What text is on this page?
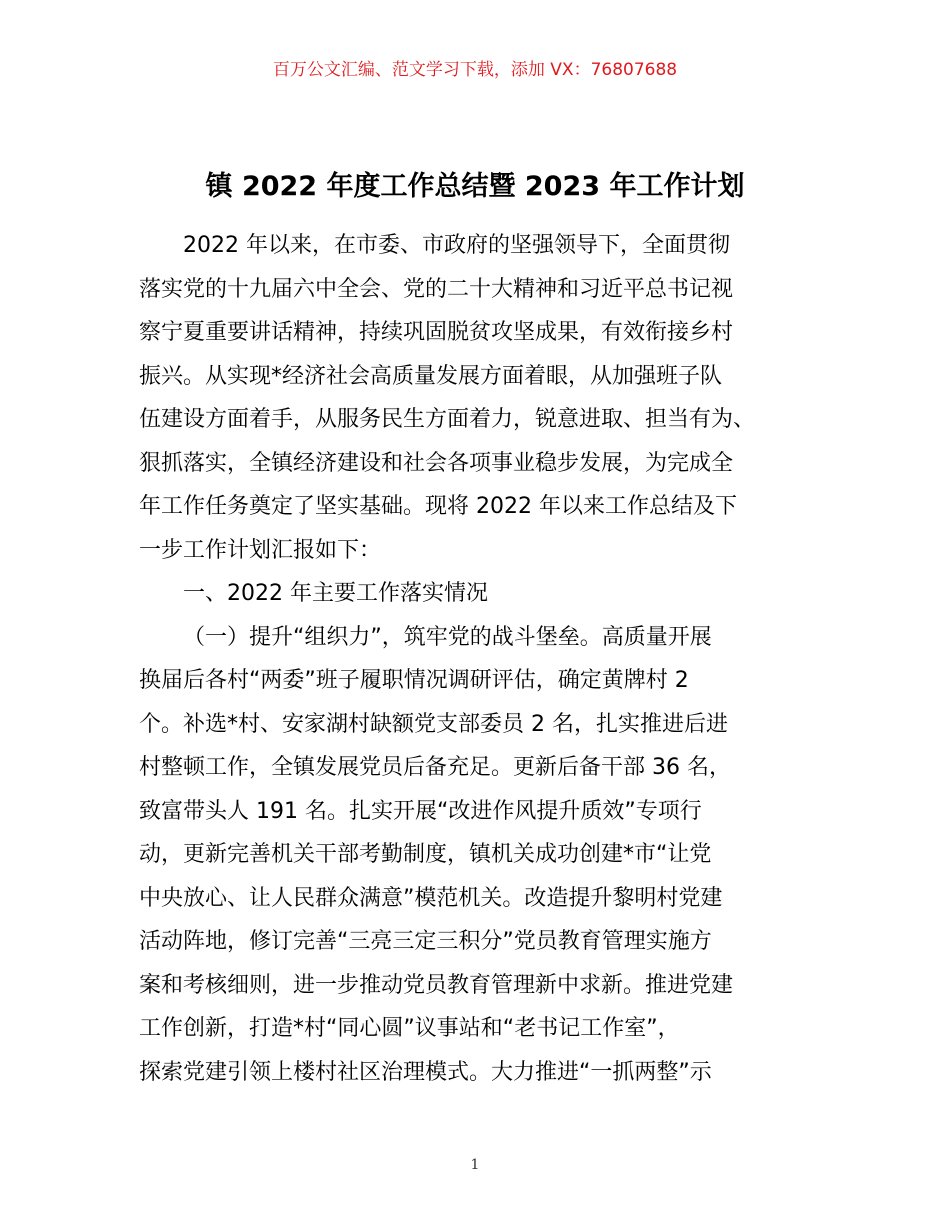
百万公文汇编、范文学习下载，添加 VX：76807688
镇 2022 年度工作总结暨 2023 年工作计划

2022 年以来，在市委、市政府的坚强领导下，全面贯彻

落实党的十九届六中全会、党的二十大精神和习近平总书记视
察宁夏重要讲话精神，持续巩固脱贫攻坚成果，有效衔接乡村
振兴。从实现*经济社会高质量发展方面着眼，从加强班子队
伍建设方面着手，从服务民生方面着力，锐意进取、担当有为、
狠抓落实，全镇经济建设和社会各项事业稳步发展，为完成全
年工作任务奠定了坚实基础。现将 2022 年以来工作总结及下
一步工作计划汇报如下：

一、2022 年主要工作落实情况

（一）提升“组织力”，筑牢党的战斗堡垒。高质量开展

换届后各村“两委”班子履职情况调研评估，确定黄牌村 2
个。补选*村、安家湖村缺额党支部委员 2 名，扎实推进后进
村整顿工作，全镇发展党员后备充足。更新后备干部 36 名，
致富带头人 191 名。扎实开展“改进作风提升质效”专项行
动，更新完善机关干部考勤制度，镇机关成功创建*市“让党
中央放心、让人民群众满意”模范机关。改造提升黎明村党建
活动阵地，修订完善“三亮三定三积分”党员教育管理实施方
案和考核细则，进一步推动党员教育管理新中求新。推进党建
工作创新，打造*村“同心圆”议事站和“老书记工作室”，
探索党建引领上楼村社区治理模式。大力推进“一抓两整”示
1
